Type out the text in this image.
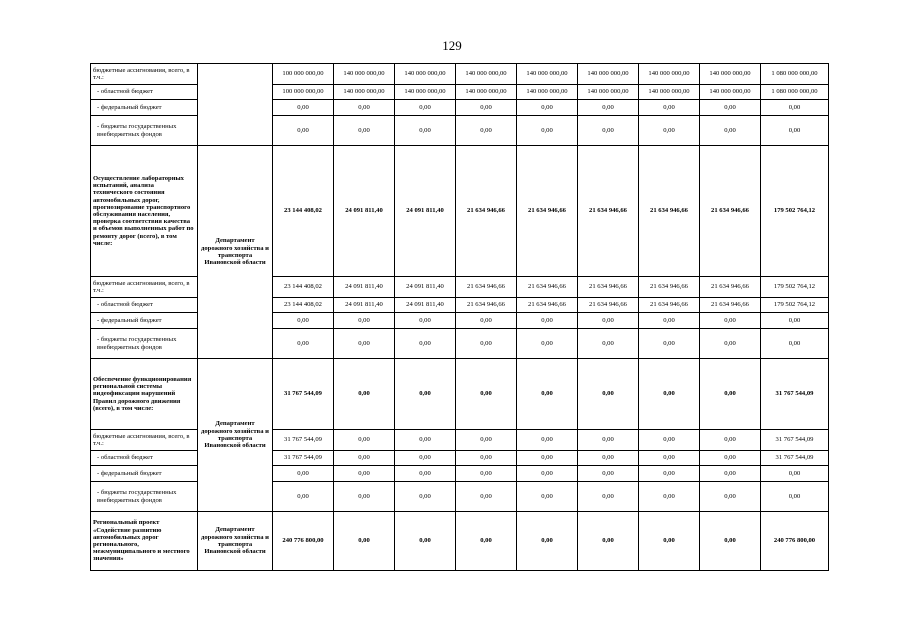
129
бюджетные ассигнования, всего, в т.ч.:		100 000 000,00	140 000 000,00	140 000 000,00	140 000 000,00	140 000 000,00	140 000 000,00	140 000 000,00	140 000 000,00	1 080 000 000,00
- областной бюджет		100 000 000,00	140 000 000,00	140 000 000,00	140 000 000,00	140 000 000,00	140 000 000,00	140 000 000,00	140 000 000,00	1 080 000 000,00
- федеральный бюджет		0,00	0,00	0,00	0,00	0,00	0,00	0,00	0,00	0,00
- бюджеты государственных внебюджетных фондов		0,00	0,00	0,00	0,00	0,00	0,00	0,00	0,00	0,00
Осуществление лабораторных испытаний, анализа технического состояния автомобильных дорог, прогнозирование транспортного обслуживания населения, проверка соответствия качества и объемов выполненных работ по ремонту дорог (всего), в том числе:	Департамент дорожного хозяйства и транспорта Ивановской области	23 144 408,02	24 091 811,40	24 091 811,40	21 634 946,66	21 634 946,66	21 634 946,66	21 634 946,66	21 634 946,66	179 502 764,12
бюджетные ассигнования, всего, в т.ч.:		23 144 408,02	24 091 811,40	24 091 811,40	21 634 946,66	21 634 946,66	21 634 946,66	21 634 946,66	21 634 946,66	179 502 764,12
- областной бюджет		23 144 408,02	24 091 811,40	24 091 811,40	21 634 946,66	21 634 946,66	21 634 946,66	21 634 946,66	21 634 946,66	179 502 764,12
- федеральный бюджет		0,00	0,00	0,00	0,00	0,00	0,00	0,00	0,00	0,00
- бюджеты государственных внебюджетных фондов		0,00	0,00	0,00	0,00	0,00	0,00	0,00	0,00	0,00
Обеспечение функционирования региональной системы видеофиксации нарушений Правил дорожного движения (всего), в том числе:	Департамент дорожного хозяйства и транспорта Ивановской области	31 767 544,09	0,00	0,00	0,00	0,00	0,00	0,00	0,00	31 767 544,09
бюджетные ассигнования, всего, в т.ч.:		31 767 544,09	0,00	0,00	0,00	0,00	0,00	0,00	0,00	31 767 544,09
- областной бюджет		31 767 544,09	0,00	0,00	0,00	0,00	0,00	0,00	0,00	31 767 544,09
- федеральный бюджет		0,00	0,00	0,00	0,00	0,00	0,00	0,00	0,00	0,00
- бюджеты государственных внебюджетных фондов		0,00	0,00	0,00	0,00	0,00	0,00	0,00	0,00	0,00
Региональный проект «Содействие развитию автомобильных дорог регионального, межмуниципального и местного значения»	Департамент дорожного хозяйства и транспорта Ивановской области	240 776 800,00	0,00	0,00	0,00	0,00	0,00	0,00	0,00	240 776 800,00
